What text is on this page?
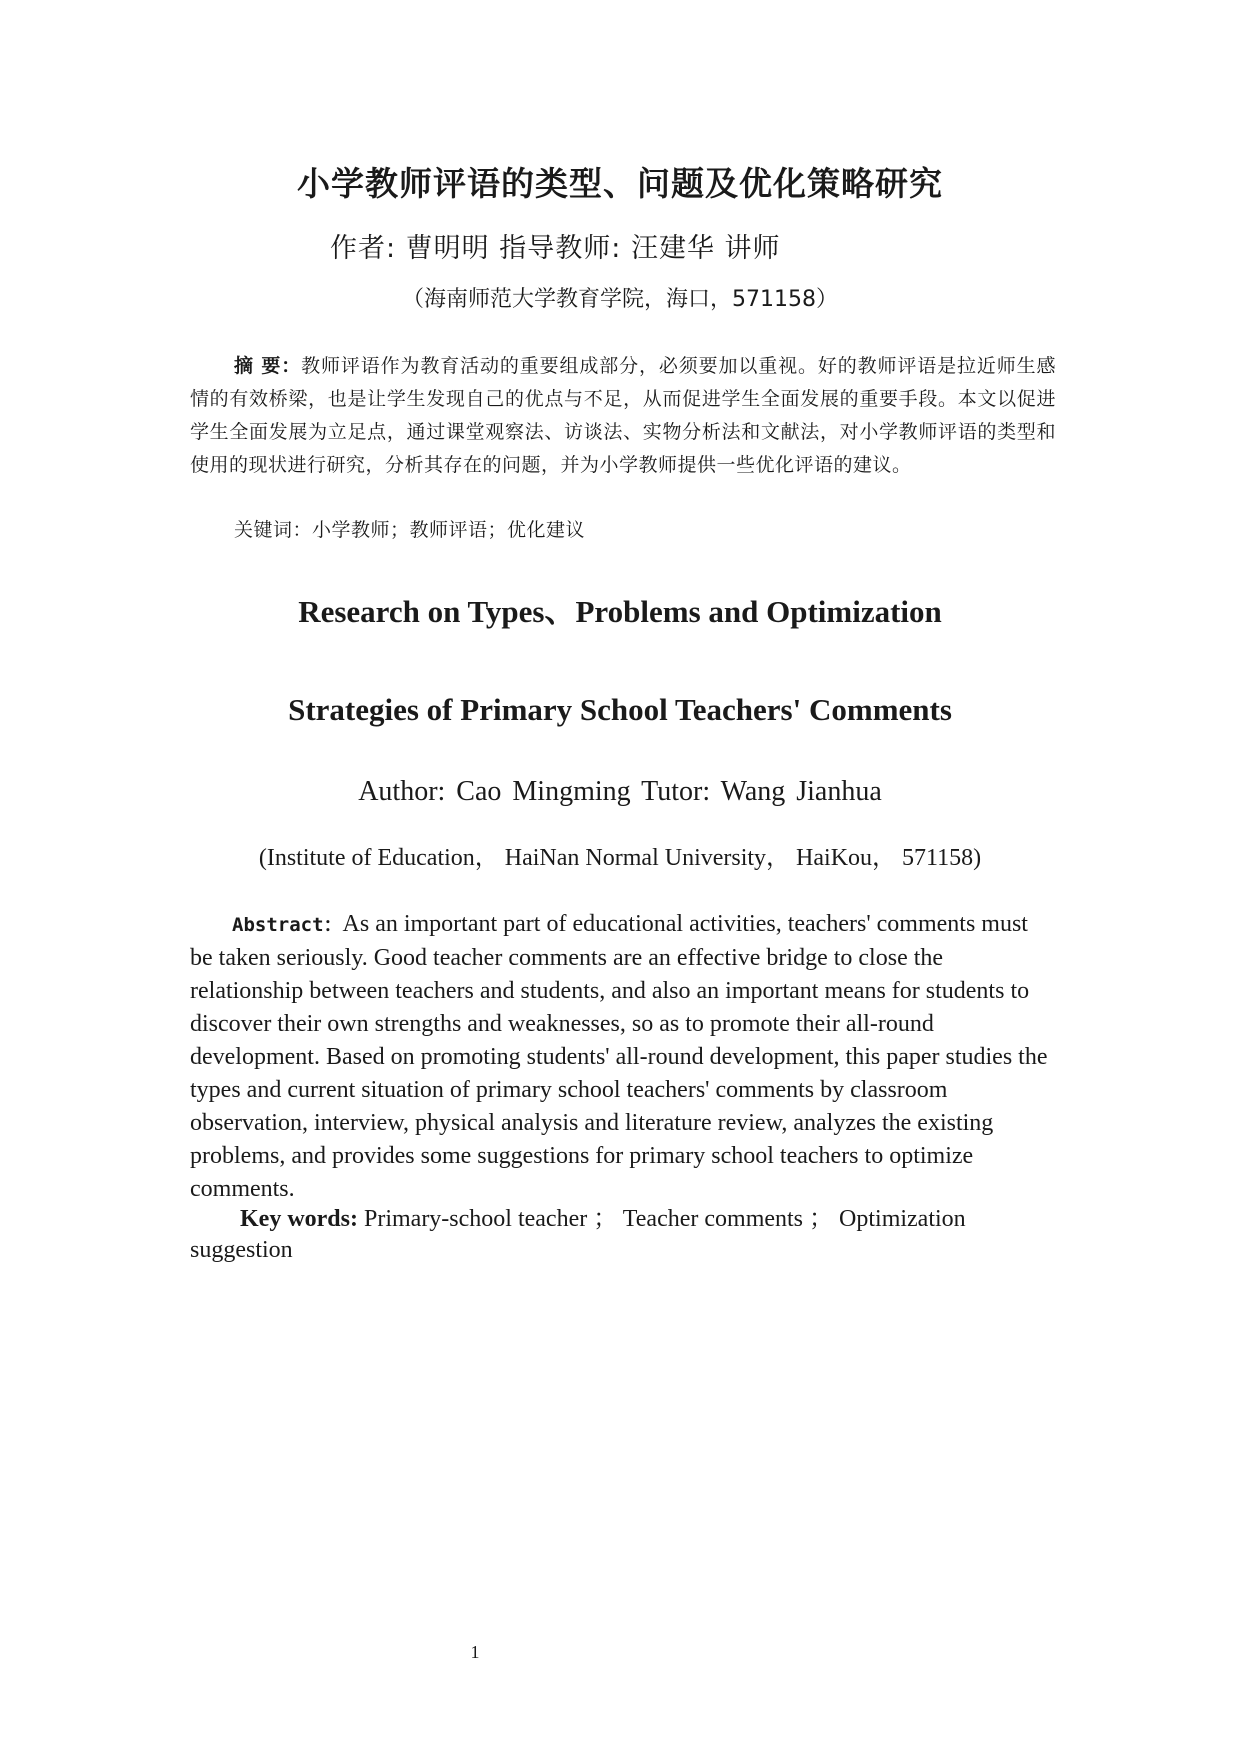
小学教师评语的类型、问题及优化策略研究
作者: 曹明明 指导教师: 汪建华 讲师
（海南师范大学教育学院，海口，571158）

摘 要：教师评语作为教育活动的重要组成部分，必须要加以重视。好的教师评语是拉近师生感情的有效桥梁，也是让学生发现自己的优点与不足，从而促进学生全面发展的重要手段。本文以促进学生全面发展为立足点，通过课堂观察法、访谈法、实物分析法和文献法，对小学教师评语的类型和使用的现状进行研究，分析其存在的问题，并为小学教师提供一些优化评语的建议。

关键词：小学教师；教师评语；优化建议
Research on Types、Problems and Optimization
Strategies of Primary School Teachers' Comments
Author: Cao Mingming Tutor: Wang Jianhua
(Institute of Education， HaiNan Normal University， HaiKou， 571158)

Abstract：As an important part of educational activities, teachers' comments must be taken seriously. Good teacher comments are an effective bridge to close the relationship between teachers and students, and also an important means for students to discover their own strengths and weaknesses, so as to promote their all-round development. Based on promoting students' all-round development, this paper studies the types and current situation of primary school teachers' comments by classroom observation, interview, physical analysis and literature review, analyzes the existing problems, and provides some suggestions for primary school teachers to optimize comments.

Key words: Primary-school teacher ； Teacher comments ； Optimization suggestion

1
